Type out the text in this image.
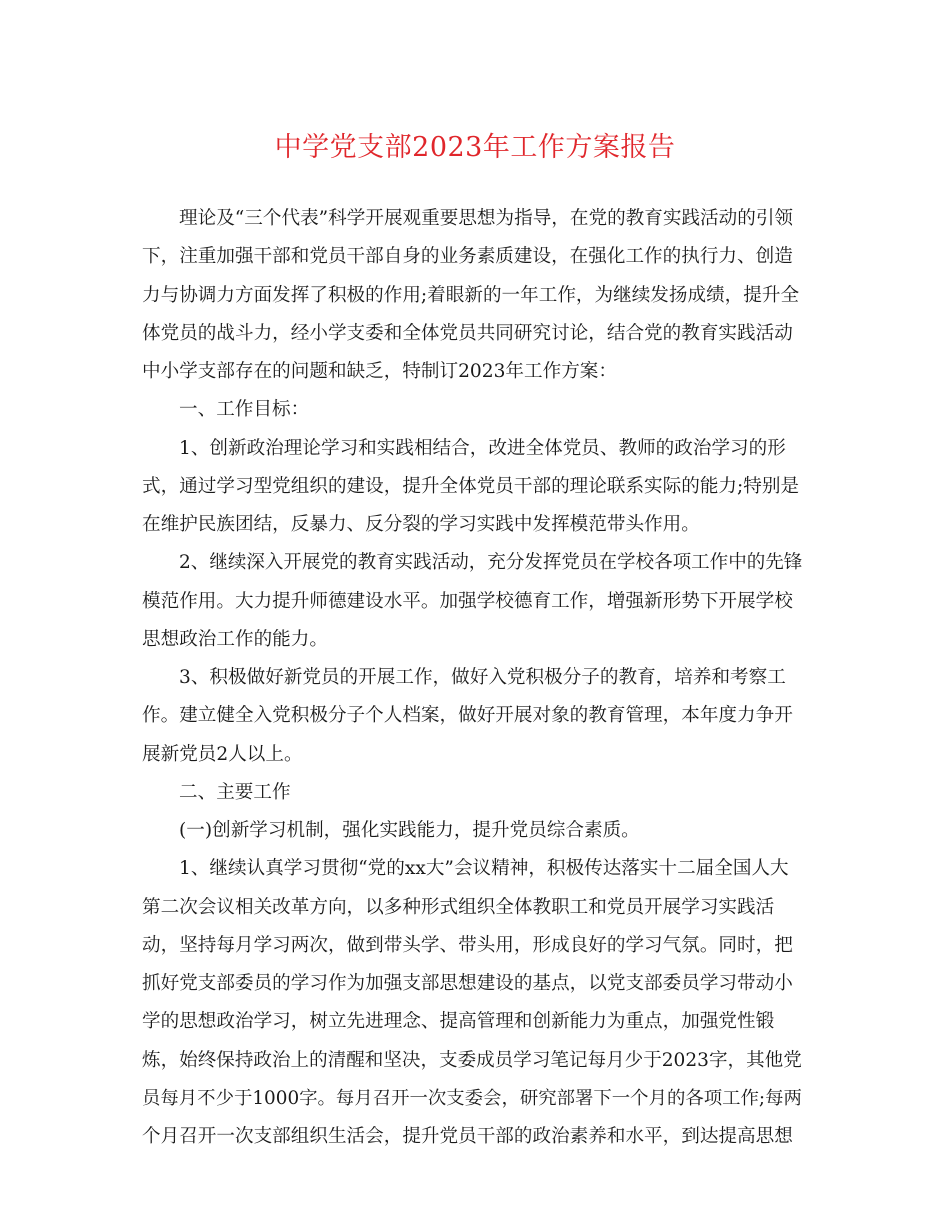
中学党支部2023年工作方案报告
理论及“三个代表”科学开展观重要思想为指导，在党的教育实践活动的引领
下，注重加强干部和党员干部自身的业务素质建设，在强化工作的执行力、创造
力与协调力方面发挥了积极的作用;着眼新的一年工作，为继续发扬成绩，提升全
体党员的战斗力，经小学支委和全体党员共同研究讨论，结合党的教育实践活动
中小学支部存在的问题和缺乏，特制订2023年工作方案：
一、工作目标：
1、创新政治理论学习和实践相结合，改进全体党员、教师的政治学习的形
式，通过学习型党组织的建设，提升全体党员干部的理论联系实际的能力;特别是
在维护民族团结，反暴力、反分裂的学习实践中发挥模范带头作用。
2、继续深入开展党的教育实践活动，充分发挥党员在学校各项工作中的先锋
模范作用。大力提升师德建设水平。加强学校德育工作，增强新形势下开展学校
思想政治工作的能力。
3、积极做好新党员的开展工作，做好入党积极分子的教育，培养和考察工
作。建立健全入党积极分子个人档案，做好开展对象的教育管理，本年度力争开
展新党员2人以上。
二、主要工作
(一)创新学习机制，强化实践能力，提升党员综合素质。
1、继续认真学习贯彻“党的xx大”会议精神，积极传达落实十二届全国人大
第二次会议相关改革方向，以多种形式组织全体教职工和党员开展学习实践活
动，坚持每月学习两次，做到带头学、带头用，形成良好的学习气氛。同时，把
抓好党支部委员的学习作为加强支部思想建设的基点，以党支部委员学习带动小
学的思想政治学习，树立先进理念、提高管理和创新能力为重点，加强党性锻
炼，始终保持政治上的清醒和坚决，支委成员学习笔记每月少于2023字，其他党
员每月不少于1000字。每月召开一次支委会，研究部署下一个月的各项工作;每两
个月召开一次支部组织生活会，提升党员干部的政治素养和水平，到达提高思想
